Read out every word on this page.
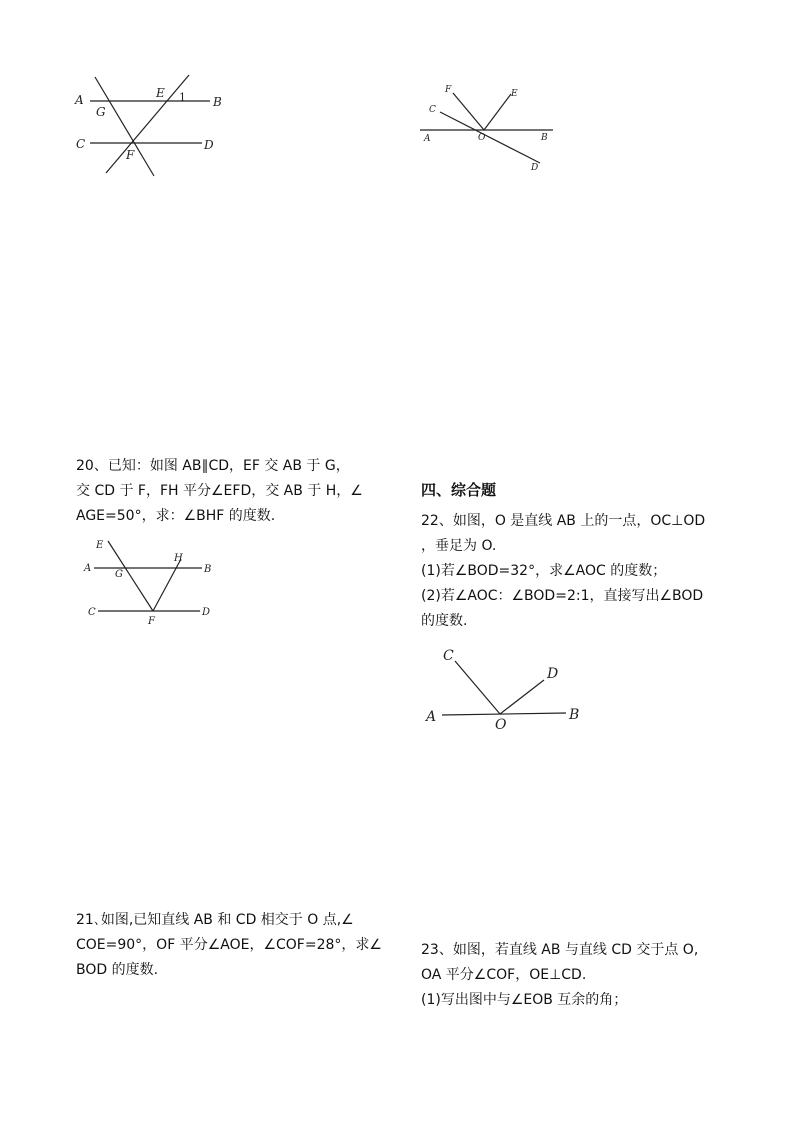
A	E 1 B
G
C
F
D
F	E
C
A	O	B
D
20、已知：如图 AB∥CD，EF 交 AB 于 G，
交 CD 于 F，FH 平分∠EFD，交 AB 于 H，∠
AGE=50°，求：∠BHF 的度数.
E
H
A
G	B
C
F
D
四、综合题
22、如图，O 是直线 AB 上的一点，OC⊥OD
，垂足为 O.
(1)若∠BOD=32°，求∠AOC 的度数；
(2)若∠AOC：∠BOD=2:1，直接写出∠BOD
的度数.
C
D
A	O
B
21､如图,已知直线 AB 和 CD 相交于 O 点,∠
COE=90°，OF 平分∠AOE，∠COF=28°，求∠
BOD 的度数.
23、如图，若直线 AB 与直线 CD 交于点 O,
OA 平分∠COF，OE⊥CD.
(1)写出图中与∠EOB 互余的角；
